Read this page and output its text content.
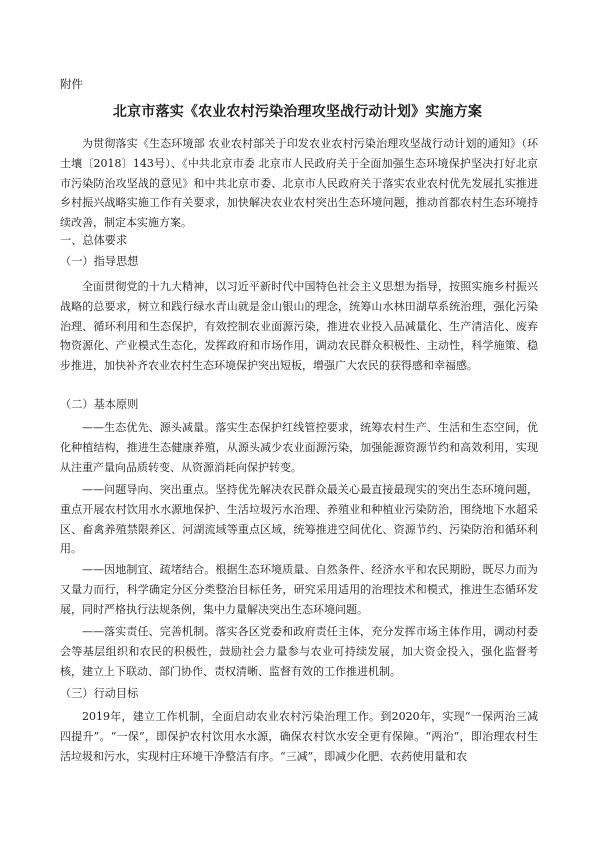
附件
北京市落实《农业农村污染治理攻坚战行动计划》实施方案

为贯彻落实《生态环境部 农业农村部关于印发农业农村污染治理攻坚战行动计划的通知》（环土壤〔2018〕143号）、《中共北京市委 北京市人民政府关于全面加强生态环境保护坚决打好北京市污染防治攻坚战的意见》和中共北京市委、北京市人民政府关于落实农业农村优先发展扎实推进乡村振兴战略实施工作有关要求，加快解决农业农村突出生态环境问题，推动首都农村生态环境持续改善，制定本实施方案。

一、总体要求
（一）指导思想

全面贯彻党的十九大精神，以习近平新时代中国特色社会主义思想为指导，按照实施乡村振兴战略的总要求，树立和践行绿水青山就是金山银山的理念，统筹山水林田湖草系统治理，强化污染治理、循环利用和生态保护，有效控制农业面源污染，推进农业投入品减量化、生产清洁化、废弃物资源化、产业模式生态化，发挥政府和市场作用，调动农民群众积极性、主动性，科学施策、稳步推进，加快补齐农业农村生态环境保护突出短板，增强广大农民的获得感和幸福感。

（二）基本原则

——生态优先、源头减量。落实生态保护红线管控要求，统筹农村生产、生活和生态空间，优化种植结构，推进生态健康养殖，从源头减少农业面源污染，加强能源资源节约和高效利用，实现从注重产量向品质转变、从资源消耗向保护转变。

——问题导向、突出重点。坚持优先解决农民群众最关心最直接最现实的突出生态环境问题，重点开展农村饮用水水源地保护、生活垃圾污水治理、养殖业和种植业污染防治，围绕地下水超采区、畜禽养殖禁限养区、河湖流域等重点区域，统筹推进空间优化、资源节约、污染防治和循环利用。

——因地制宜、疏堵结合。根据生态环境质量、自然条件、经济水平和农民期盼，既尽力而为又量力而行，科学确定分区分类整治目标任务，研究采用适用的治理技术和模式，推进生态循环发展，同时严格执行法规条例，集中力量解决突出生态环境问题。

——落实责任、完善机制。落实各区党委和政府责任主体，充分发挥市场主体作用，调动村委会等基层组织和农民的积极性，鼓励社会力量参与农业可持续发展，加大资金投入，强化监督考核，建立上下联动、部门协作、责权清晰、监督有效的工作推进机制。

（三）行动目标

2019年，建立工作机制，全面启动农业农村污染治理工作。到2020年，实现“一保两治三减四提升”。“一保”，即保护农村饮用水水源，确保农村饮水安全更有保障。“两治”，即治理农村生活垃圾和污水，实现村庄环境干净整洁有序。“三减”，即减少化肥、农药使用量和农
